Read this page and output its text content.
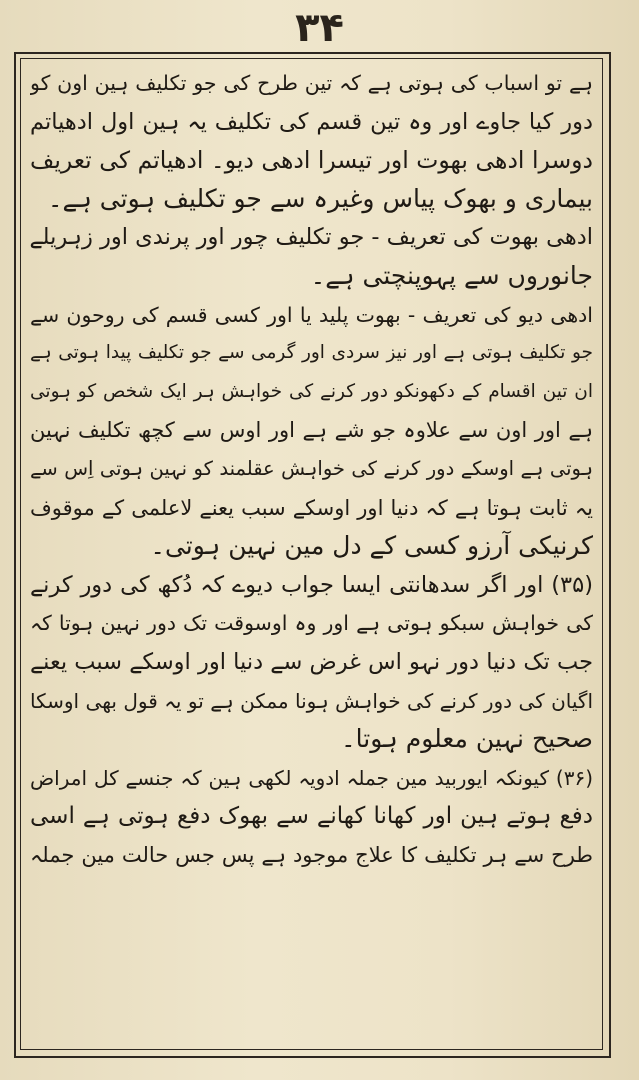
۳۴
ہے تو اسباب کی ہوتی ہے کہ تین طرح کی جو تکلیف ہین اون کو
دور کیا جاوے اور وہ تین قسم کی تکلیف یہ ہین اول ادھیاتم
دوسرا ادھی بھوت اور تیسرا ادھی دیو۔ ادھیاتم کی تعریف
بیماری و بھوک پیاس وغیرہ سے جو تکلیف ہوتی ہے۔
ادھی بھوت کی تعریف - جو تکلیف چور اور پرندی اور زہریلے
جانوروں سے پہوپنچتی ہے۔
ادھی دیو کی تعریف - بھوت پلید یا اور کسی قسم کی روحون سے
جو تکلیف ہوتی ہے اور نیز سردی اور گرمی سے جو تکلیف پیدا ہوتی ہے
ان تین اقسام کے دکھونکو دور کرنے کی خواہش ہر ایک شخص کو ہوتی
ہے اور اون سے علاوہ جو شے ہے اور اوس سے کچھ تکلیف نہین
ہوتی ہے اوسکے دور کرنے کی خواہش عقلمند کو نہین ہوتی اِس سے
یہ ثابت ہوتا ہے کہ دنیا اور اوسکے سبب یعنے لاعلمی کے موقوف
کرنیکی آرزو کسی کے دل مین نہین ہوتی۔
(۳۵) اور اگر سدھانتی ایسا جواب دیوے کہ دُکھ کی دور کرنے
کی خواہش سبکو ہوتی ہے اور وہ اوسوقت تک دور نہین ہوتا کہ
جب تک دنیا دور نہو اس غرض سے دنیا اور اوسکے سبب یعنے
اگیان کی دور کرنے کی خواہش ہونا ممکن ہے تو یہ قول بھی اوسکا
صحیح نہین معلوم ہوتا۔
(۳۶) کیونکہ ایوربید مین جملہ ادویہ لکھی ہین کہ جنسے کل امراض
دفع ہوتے ہین اور کھانا کھانے سے بھوک دفع ہوتی ہے اسی
طرح سے ہر تکلیف کا علاج موجود ہے پس جس حالت مین جملہ
